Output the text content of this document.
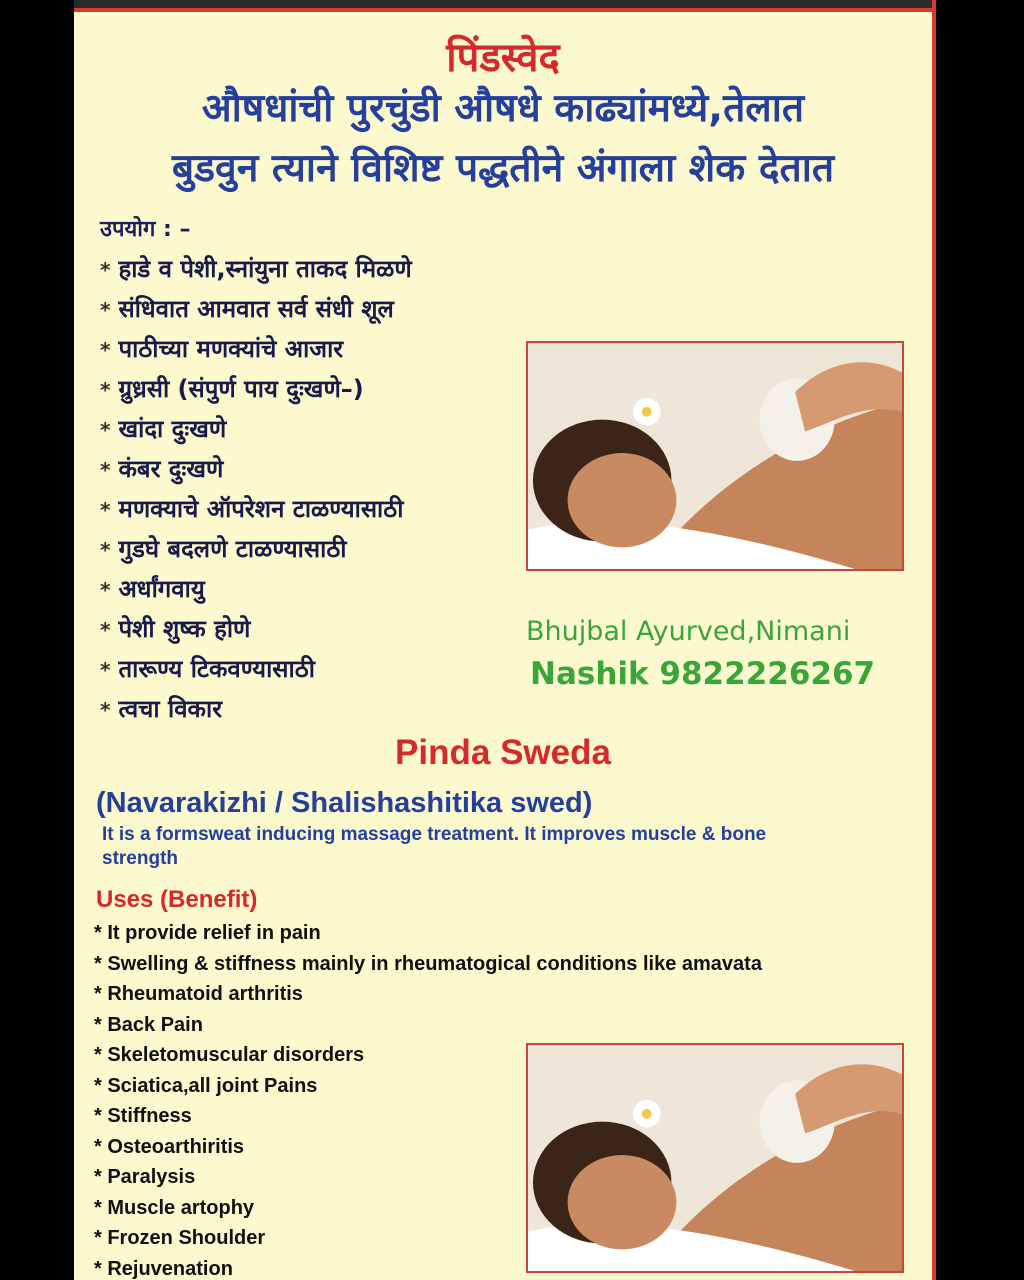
पिंडस्वेद
औषधांची पुरचुंडी औषधे काढ्यांमध्ये,तेलात
बुडवुन त्याने विशिष्ट पद्धतीने अंगाला शेक देतात
उपयोग : –
* हाडे व पेशी,स्नांयुना ताकद मिळणे
* संधिवात आमवात सर्व संधी शूल
* पाठीच्या मणक्यांचे आजार
* ग्रुध्रसी (संपुर्ण पाय दुःखणे–)
* खांदा दुःखणे
* कंबर दुःखणे
* मणक्याचे ऑपरेशन टाळण्यासाठी
* गुडघे बदलणे टाळण्यासाठी
* अर्धांगवायु
* पेशी शुष्क होणे
* तारूण्य टिकवण्यासाठी
* त्वचा विकार
Bhujbal Ayurved,Nimani
Nashik 9822226267
Pinda Sweda
(Navarakizhi / Shalishashitika swed)
It is a formsweat inducing massage treatment. It improves muscle & bone strength
Uses (Benefit)
* It provide relief in pain
* Swelling & stiffness mainly in rheumatogical conditions like amavata
* Rheumatoid arthritis
* Back Pain
* Skeletomuscular disorders
* Sciatica,all joint Pains
* Stiffness
* Osteoarthiritis
* Paralysis
* Muscle artophy
* Frozen Shoulder
* Rejuvenation
